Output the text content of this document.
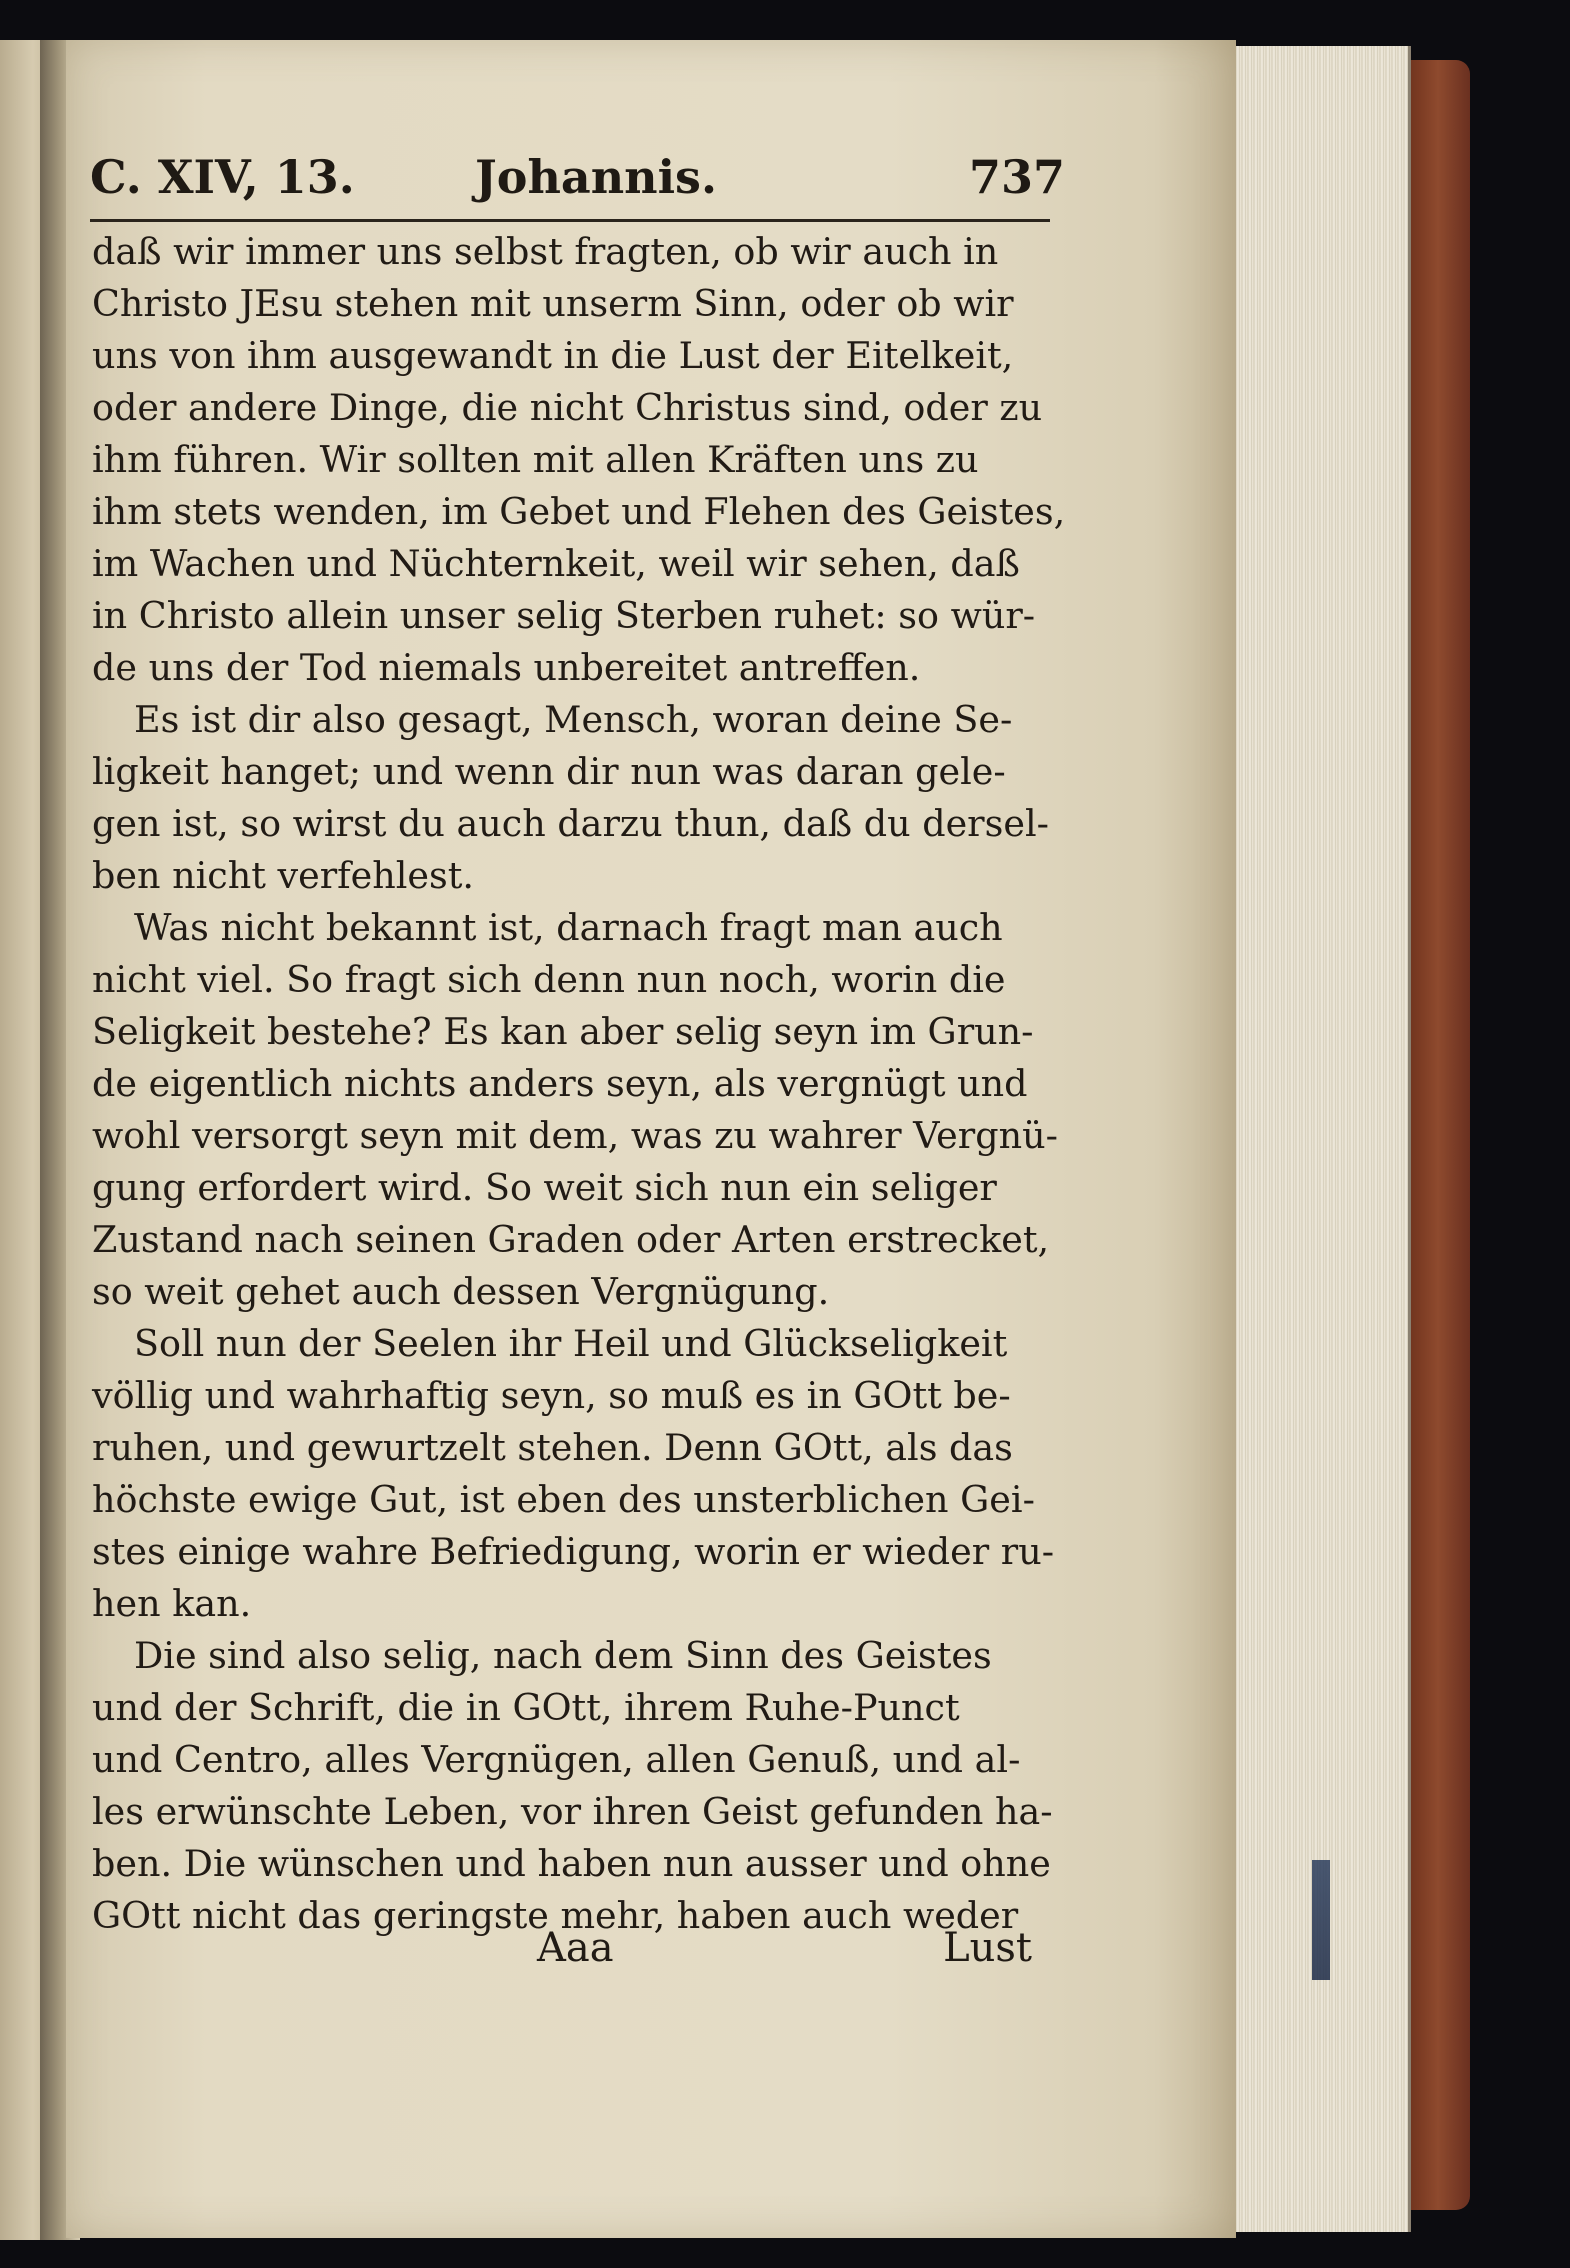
C. XIV, 13.	Johannis.	737
daß wir immer uns selbst fragten, ob wir auch in
Christo JEsu stehen mit unserm Sinn, oder ob wir
uns von ihm ausgewandt in die Lust der Eitelkeit,
oder andere Dinge, die nicht Christus sind, oder zu
ihm führen. Wir sollten mit allen Kräften uns zu
ihm stets wenden, im Gebet und Flehen des Geistes,
im Wachen und Nüchternkeit, weil wir sehen, daß
in Christo allein unser selig Sterben ruhet: so wür-
de uns der Tod niemals unbereitet antreffen.
Es ist dir also gesagt, Mensch, woran deine Se-
ligkeit hanget; und wenn dir nun was daran gele-
gen ist, so wirst du auch darzu thun, daß du dersel-
ben nicht verfehlest.
Was nicht bekannt ist, darnach fragt man auch
nicht viel. So fragt sich denn nun noch, worin die
Seligkeit bestehe? Es kan aber selig seyn im Grun-
de eigentlich nichts anders seyn, als vergnügt und
wohl versorgt seyn mit dem, was zu wahrer Vergnü-
gung erfordert wird. So weit sich nun ein seliger
Zustand nach seinen Graden oder Arten erstrecket,
so weit gehet auch dessen Vergnügung.
Soll nun der Seelen ihr Heil und Glückseligkeit
völlig und wahrhaftig seyn, so muß es in GOtt be-
ruhen, und gewurtzelt stehen. Denn GOtt, als das
höchste ewige Gut, ist eben des unsterblichen Gei-
stes einige wahre Befriedigung, worin er wieder ru-
hen kan.
Die sind also selig, nach dem Sinn des Geistes
und der Schrift, die in GOtt, ihrem Ruhe-Punct
und Centro, alles Vergnügen, allen Genuß, und al-
les erwünschte Leben, vor ihren Geist gefunden ha-
ben. Die wünschen und haben nun ausser und ohne
GOtt nicht das geringste mehr, haben auch weder
Aaa	Lust
